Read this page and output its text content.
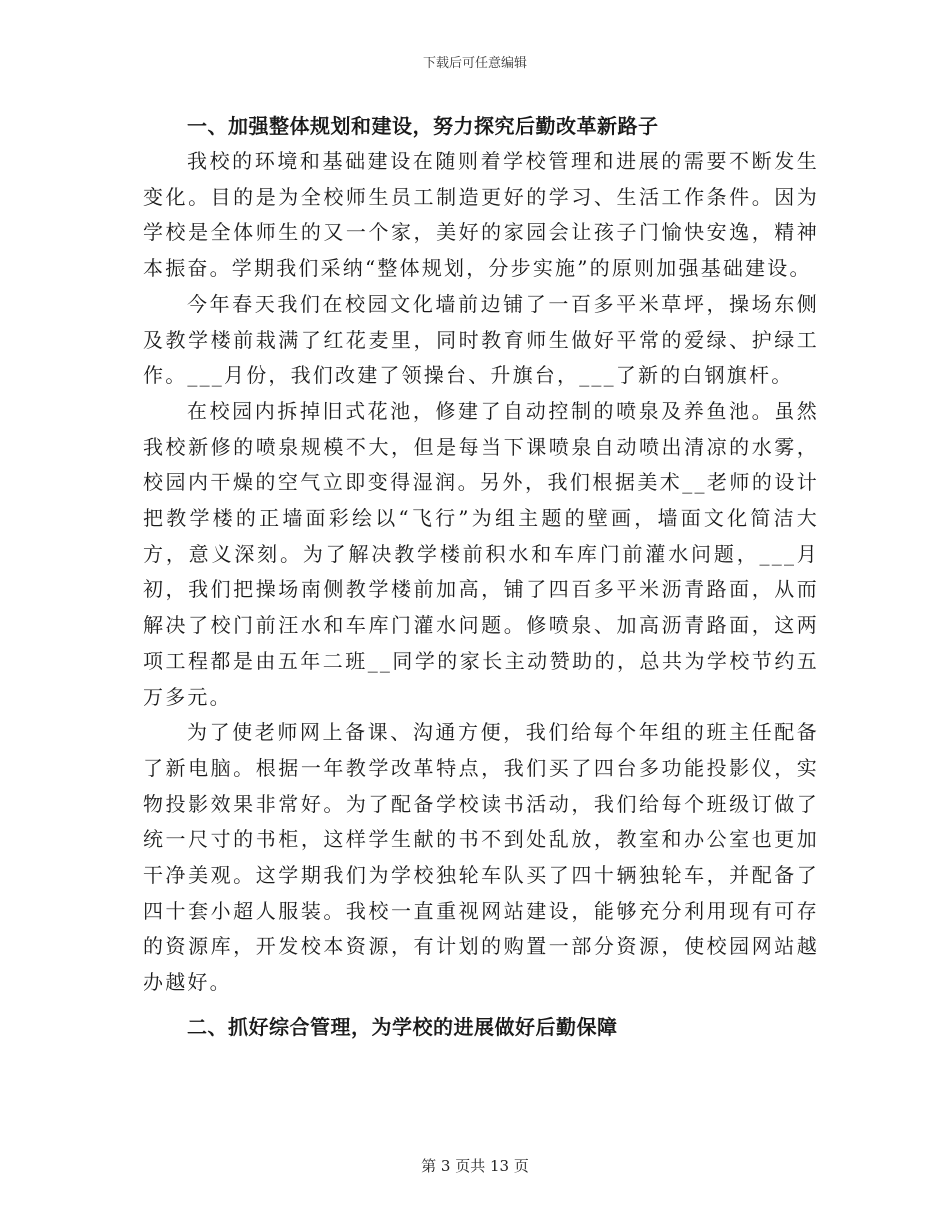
下载后可任意编辑

一、加强整体规划和建设，努力探究后勤改革新路子

我校的环境和基础建设在随则着学校管理和进展的需要不断发生变化。目的是为全校师生员工制造更好的学习、生活工作条件。因为学校是全体师生的又一个家，美好的家园会让孩子门愉快安逸，精神本振奋。学期我们采纳“整体规划，分步实施”的原则加强基础建设。

今年春天我们在校园文化墙前边铺了一百多平米草坪，操场东侧及教学楼前栽满了红花麦里，同时教育师生做好平常的爱绿、护绿工作。___月份，我们改建了领操台、升旗台，___了新的白钢旗杆。

在校园内拆掉旧式花池，修建了自动控制的喷泉及养鱼池。虽然我校新修的喷泉规模不大，但是每当下课喷泉自动喷出清凉的水雾，校园内干燥的空气立即变得湿润。另外，我们根据美术__老师的设计把教学楼的正墙面彩绘以“飞行”为组主题的壁画，墙面文化简洁大方，意义深刻。为了解决教学楼前积水和车库门前灌水问题，___月初，我们把操场南侧教学楼前加高，铺了四百多平米沥青路面，从而解决了校门前汪水和车库门灌水问题。修喷泉、加高沥青路面，这两项工程都是由五年二班__同学的家长主动赞助的，总共为学校节约五万多元。

为了使老师网上备课、沟通方便，我们给每个年组的班主任配备了新电脑。根据一年教学改革特点，我们买了四台多功能投影仪，实物投影效果非常好。为了配备学校读书活动，我们给每个班级订做了统一尺寸的书柜，这样学生献的书不到处乱放，教室和办公室也更加干净美观。这学期我们为学校独轮车队买了四十辆独轮车，并配备了四十套小超人服装。我校一直重视网站建设，能够充分利用现有可存的资源库，开发校本资源，有计划的购置一部分资源，使校园网站越办越好。

二、抓好综合管理，为学校的进展做好后勤保障

第 3 页共 13 页
